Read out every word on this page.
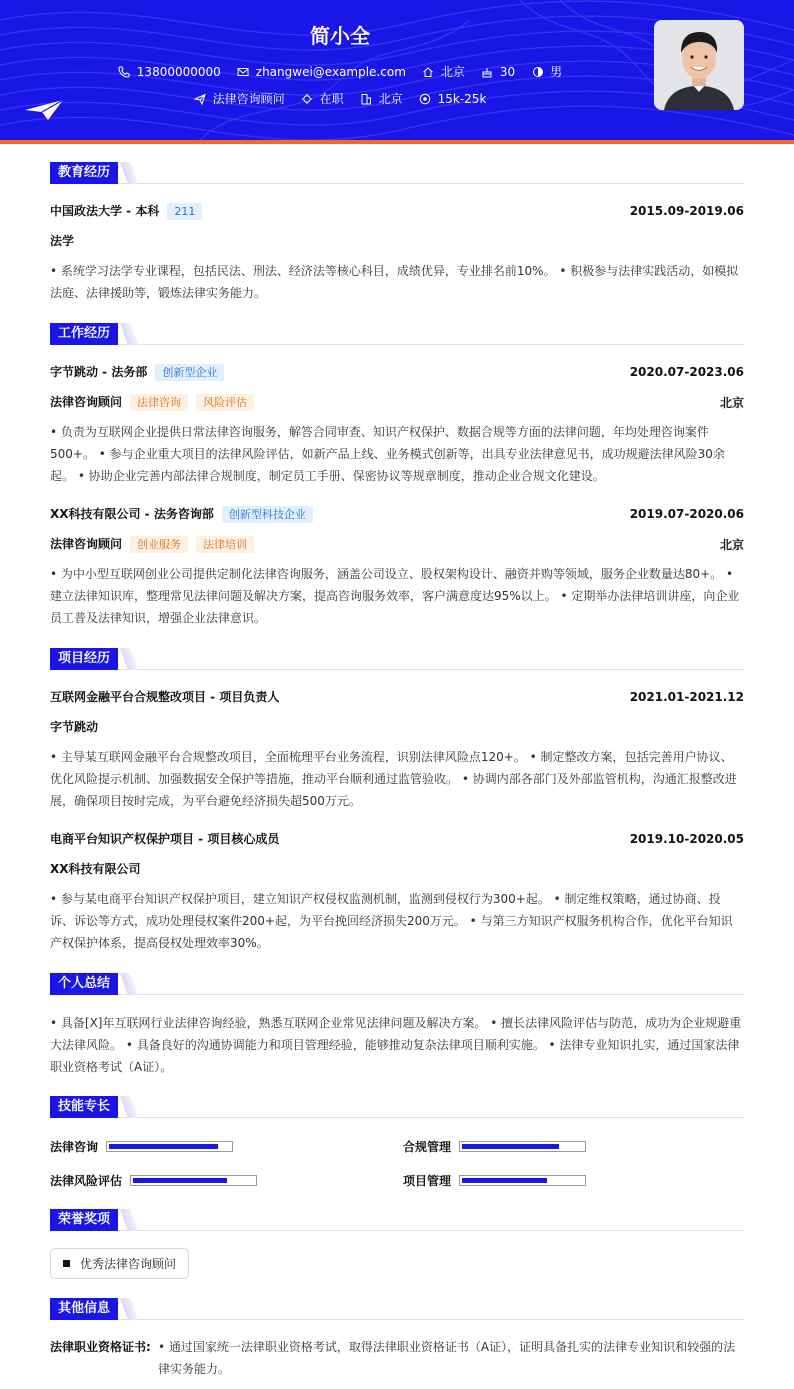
简小全
13800000000	zhangwei@example.com	北京	30	男
法律咨询顾问	在职	北京	15k-25k
教育经历
中国政法大学 - 本科 211	2015.09-2019.06
法学
• 系统学习法学专业课程，包括民法、刑法、经济法等核心科目，成绩优异，专业排名前10%。 • 积极参与法律实践活动，如模拟法庭、法律援助等，锻炼法律实务能力。
工作经历
字节跳动 - 法务部 创新型企业	2020.07-2023.06
法律咨询顾问 法律咨询 风险评估	北京
• 负责为互联网企业提供日常法律咨询服务，解答合同审查、知识产权保护、数据合规等方面的法律问题，年均处理咨询案件500+。 • 参与企业重大项目的法律风险评估，如新产品上线、业务模式创新等，出具专业法律意见书，成功规避法律风险30余起。 • 协助企业完善内部法律合规制度，制定员工手册、保密协议等规章制度，推动企业合规文化建设。
XX科技有限公司 - 法务咨询部 创新型科技企业	2019.07-2020.06
法律咨询顾问 创业服务 法律培训	北京
• 为中小型互联网创业公司提供定制化法律咨询服务，涵盖公司设立、股权架构设计、融资并购等领域，服务企业数量达80+。 • 建立法律知识库，整理常见法律问题及解决方案，提高咨询服务效率，客户满意度达95%以上。 • 定期举办法律培训讲座，向企业员工普及法律知识，增强企业法律意识。
项目经历
互联网金融平台合规整改项目 - 项目负责人	2021.01-2021.12
字节跳动
• 主导某互联网金融平台合规整改项目，全面梳理平台业务流程，识别法律风险点120+。 • 制定整改方案，包括完善用户协议、优化风险提示机制、加强数据安全保护等措施，推动平台顺利通过监管验收。 • 协调内部各部门及外部监管机构，沟通汇报整改进展，确保项目按时完成，为平台避免经济损失超500万元。
电商平台知识产权保护项目 - 项目核心成员	2019.10-2020.05
XX科技有限公司
• 参与某电商平台知识产权保护项目，建立知识产权侵权监测机制，监测到侵权行为300+起。 • 制定维权策略，通过协商、投诉、诉讼等方式，成功处理侵权案件200+起，为平台挽回经济损失200万元。 • 与第三方知识产权服务机构合作，优化平台知识产权保护体系，提高侵权处理效率30%。
个人总结
• 具备[X]年互联网行业法律咨询经验，熟悉互联网企业常见法律问题及解决方案。 • 擅长法律风险评估与防范，成功为企业规避重大法律风险。 • 具备良好的沟通协调能力和项目管理经验，能够推动复杂法律项目顺利实施。 • 法律专业知识扎实，通过国家法律职业资格考试（A证）。
技能专长
法律咨询	合规管理
法律风险评估	项目管理
荣誉奖项
优秀法律咨询顾问
其他信息
法律职业资格证书: • 通过国家统一法律职业资格考试，取得法律职业资格证书（A证），证明具备扎实的法律专业知识和较强的法律实务能力。
